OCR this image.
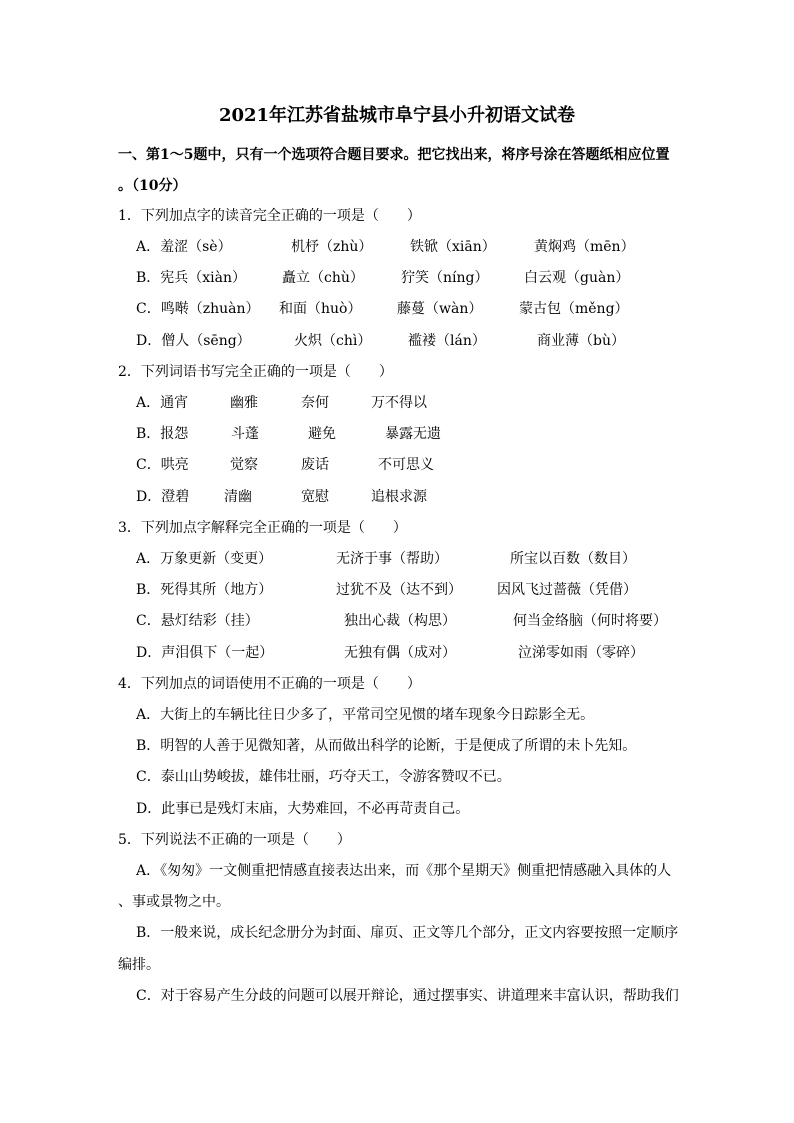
2021年江苏省盐城市阜宁县小升初语文试卷
一、第1～5题中，只有一个选项符合题目要求。把它找出来，将序号涂在答题纸相应位置
。（10分）
1．下列加点字的读音完全正确的一项是（　　）
A．羞涩（sè）	机杼（zhù）	铁锨（xiān）	黄焖鸡（mēn）
B．宪兵（xiàn）	矗立（chù）	狞笑（níng）	白云观（guàn）
C．鸣啭（zhuàn） 和面（huò）	藤蔓（wàn）	蒙古包（měng）
D．僧人（sēng）	火炽（chì）	褴褛（lán）	商业薄（bù）
2．下列词语书写完全正确的一项是（　　）
A．通宵	幽雅	奈何	万不得以
B．报怨	斗蓬	避免	暴露无遗
C．哄亮	觉察	废话	不可思义
D．澄碧 清幽	宽慰	追根求源
3．下列加点字解释完全正确的一项是（　　）
A．万象更新（变更）	无济于事（帮助）	所宝以百数（数目）
B．死得其所（地方）	过犹不及（达不到）	因风飞过蔷薇（凭借）
C．悬灯结彩（挂）	独出心裁（构思）	何当金络脑（何时将要）
D．声泪俱下（一起）	无独有偶（成对）	泣涕零如雨（零碎）
4．下列加点的词语使用不正确的一项是（　　）
A．大街上的车辆比往日少多了，平常司空见惯的堵车现象今日踪影全无。
B．明智的人善于见微知著，从而做出科学的论断，于是便成了所谓的未卜先知。
C．泰山山势峻拔，雄伟壮丽，巧夺天工，令游客赞叹不已。
D．此事已是残灯末庙，大势难回，不必再苛责自己。
5．下列说法不正确的一项是（　　）
A．《匆匆》一文侧重把情感直接表达出来，而《那个星期天》侧重把情感融入具体的人
、事或景物之中。
B．一般来说，成长纪念册分为封面、扉页、正文等几个部分，正文内容要按照一定顺序
编排。
C．对于容易产生分歧的问题可以展开辩论，通过摆事实、讲道理来丰富认识，帮助我们
